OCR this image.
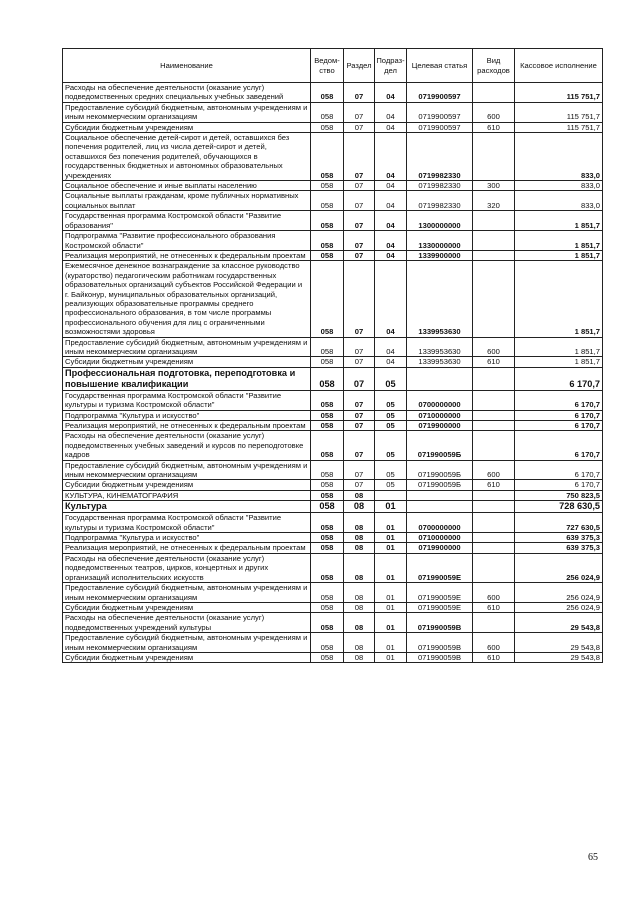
Наименование	Ведом-ство	Раздел	Подраз-дел	Целевая статья	Вид расходов	Кассовое исполнение
Расходы на обеспечение деятельности (оказание услуг) подведомственных средних специальных учебных заведений	058	07	04	0719900597		115 751,7
Предоставление субсидий бюджетным, автономным учреждениям и иным некоммерческим организациям	058	07	04	0719900597	600	115 751,7
Субсидии бюджетным учреждениям	058	07	04	0719900597	610	115 751,7
Социальное обеспечение детей-сирот и детей, оставшихся без попечения родителей, лиц из числа детей-сирот и детей, оставшихся без попечения родителей, обучающихся в государственных бюджетных и автономных образовательных учреждениях	058	07	04	0719982330		833,0
Социальное обеспечение и иные выплаты населению	058	07	04	0719982330	300	833,0
Социальные выплаты гражданам, кроме публичных нормативных социальных выплат	058	07	04	0719982330	320	833,0
Государственная программа Костромской области "Развитие образования"	058	07	04	1300000000		1 851,7
Подпрограмма "Развитие профессионального образования Костромской области"	058	07	04	1330000000		1 851,7
Реализация мероприятий, не отнесенных к федеральным проектам	058	07	04	1339900000		1 851,7
Ежемесячное денежное вознаграждение за классное руководство (кураторство) педагогическим работникам государственных образовательных организаций субъектов Российской Федерации и г. Байконур, муниципальных образовательных организаций, реализующих образовательные программы среднего профессионального образования, в том числе программы профессионального обучения для лиц с ограниченными возможностями здоровья	058	07	04	1339953630		1 851,7
Предоставление субсидий бюджетным, автономным учреждениям и иным некоммерческим организациям	058	07	04	1339953630	600	1 851,7
Субсидии бюджетным учреждениям	058	07	04	1339953630	610	1 851,7
Профессиональная подготовка, переподготовка и повышение квалификации	058	07	05			6 170,7
Государственная программа Костромской области "Развитие культуры и туризма Костромской области"	058	07	05	0700000000		6 170,7
Подпрограмма "Культура и искусство"	058	07	05	0710000000		6 170,7
Реализация мероприятий, не отнесенных к федеральным проектам	058	07	05	0719900000		6 170,7
Расходы на обеспечение деятельности (оказание услуг) подведомственных учебных заведений и курсов по переподготовке кадров	058	07	05	071990059Б		6 170,7
Предоставление субсидий бюджетным, автономным учреждениям и иным некоммерческим организациям	058	07	05	071990059Б	600	6 170,7
Субсидии бюджетным учреждениям	058	07	05	071990059Б	610	6 170,7
КУЛЬТУРА, КИНЕМАТОГРАФИЯ	058	08				750 823,5
Культура	058	08	01			728 630,5
Государственная программа Костромской области "Развитие культуры и туризма Костромской области"	058	08	01	0700000000		727 630,5
Подпрограмма "Культура и искусство"	058	08	01	0710000000		639 375,3
Реализация мероприятий, не отнесенных к федеральным проектам	058	08	01	0719900000		639 375,3
Расходы на обеспечение деятельности (оказание услуг) подведомственных театров, цирков, концертных и других организаций исполнительских искусств	058	08	01	071990059Е		256 024,9
Предоставление субсидий бюджетным, автономным учреждениям и иным некоммерческим организациям	058	08	01	071990059Е	600	256 024,9
Субсидии бюджетным учреждениям	058	08	01	071990059Е	610	256 024,9
Расходы на обеспечение деятельности (оказание услуг) подведомственных учреждений культуры	058	08	01	071990059В		29 543,8
Предоставление субсидий бюджетным, автономным учреждениям и иным некоммерческим организациям	058	08	01	071990059В	600	29 543,8
Субсидии бюджетным учреждениям	058	08	01	071990059В	610	29 543,8
65
